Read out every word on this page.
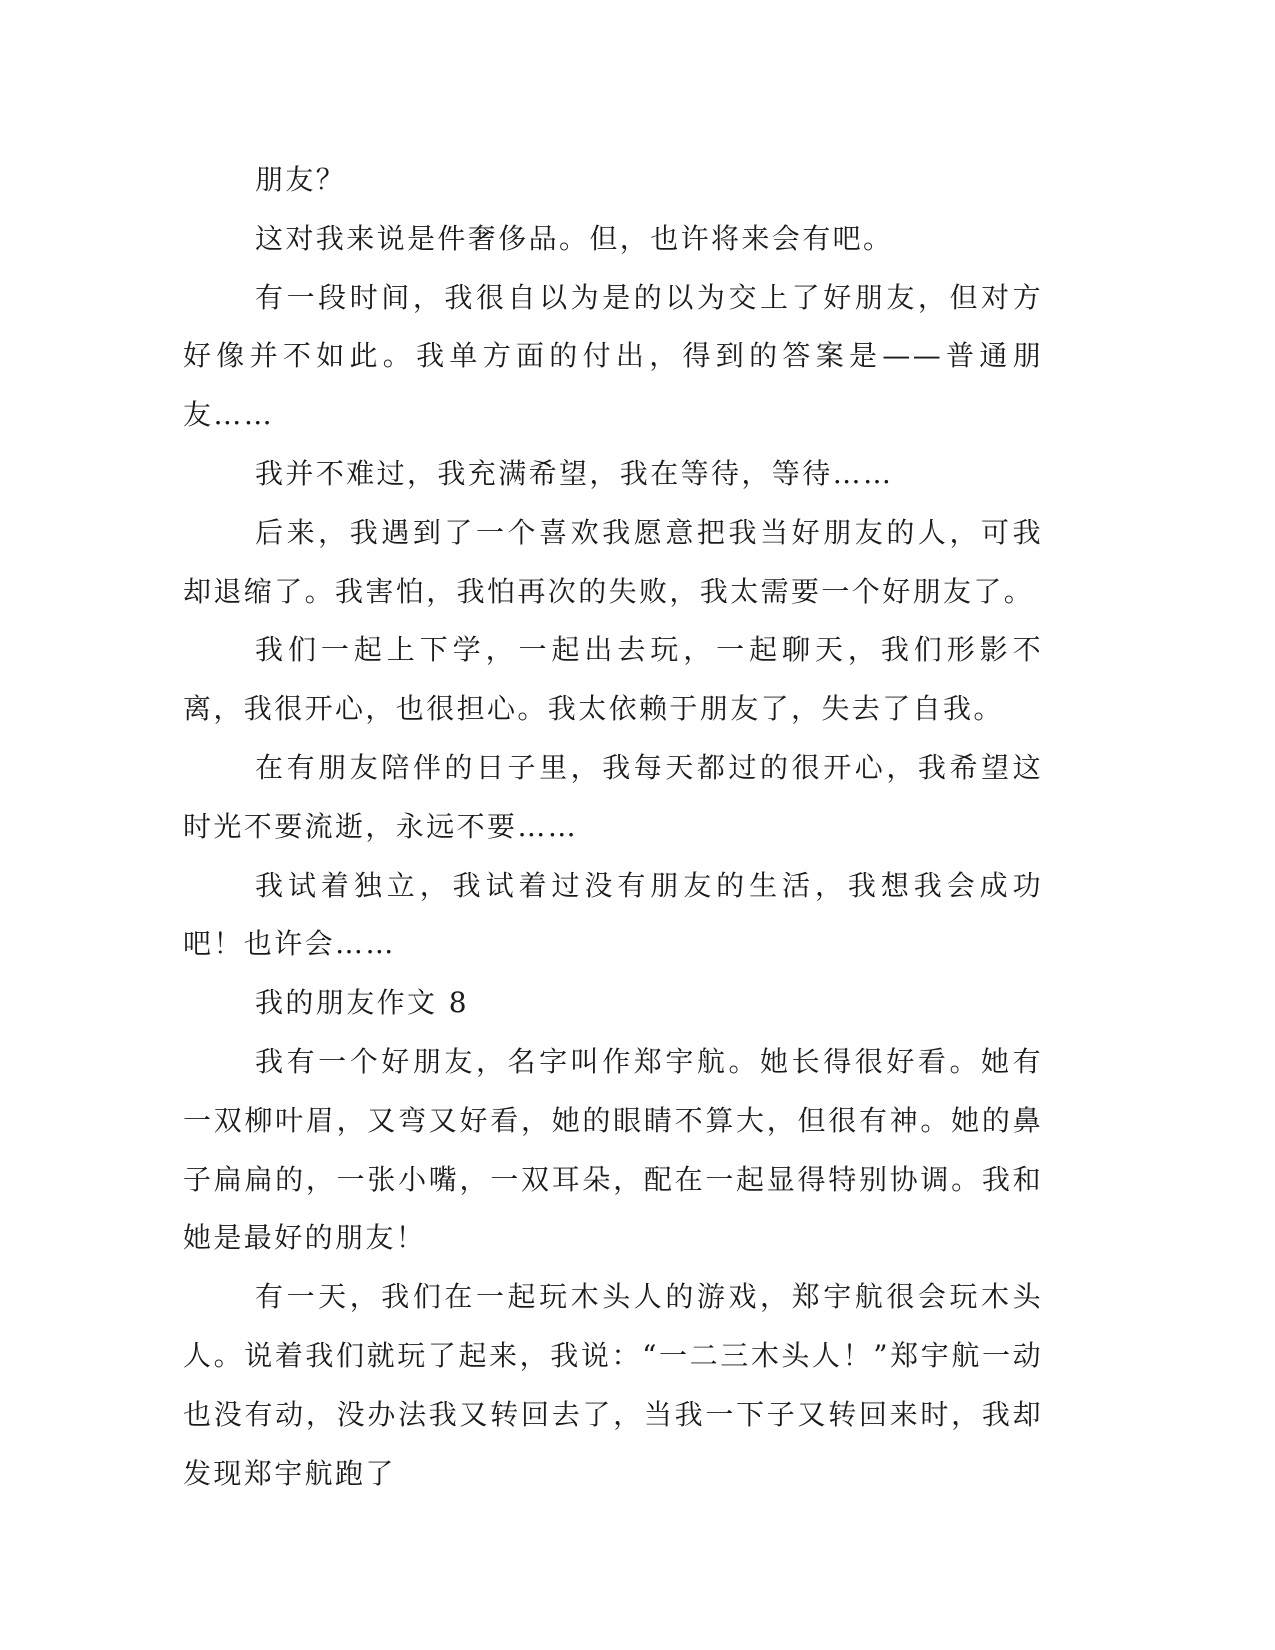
朋友？

这对我来说是件奢侈品。但，也许将来会有吧。

有一段时间，我很自以为是的以为交上了好朋友，但对方好像并不如此。我单方面的付出，得到的答案是——普通朋友……

我并不难过，我充满希望，我在等待，等待……

后来，我遇到了一个喜欢我愿意把我当好朋友的人，可我却退缩了。我害怕，我怕再次的失败，我太需要一个好朋友了。

我们一起上下学，一起出去玩，一起聊天，我们形影不离，我很开心，也很担心。我太依赖于朋友了，失去了自我。

在有朋友陪伴的日子里，我每天都过的很开心，我希望这时光不要流逝，永远不要……

我试着独立，我试着过没有朋友的生活，我想我会成功吧！也许会……

我的朋友作文 8

我有一个好朋友，名字叫作郑宇航。她长得很好看。她有一双柳叶眉，又弯又好看，她的眼睛不算大，但很有神。她的鼻子扁扁的，一张小嘴，一双耳朵，配在一起显得特别协调。我和她是最好的朋友！

有一天，我们在一起玩木头人的游戏，郑宇航很会玩木头人。说着我们就玩了起来，我说：“一二三木头人！”郑宇航一动也没有动，没办法我又转回去了，当我一下子又转回来时，我却发现郑宇航跑了
